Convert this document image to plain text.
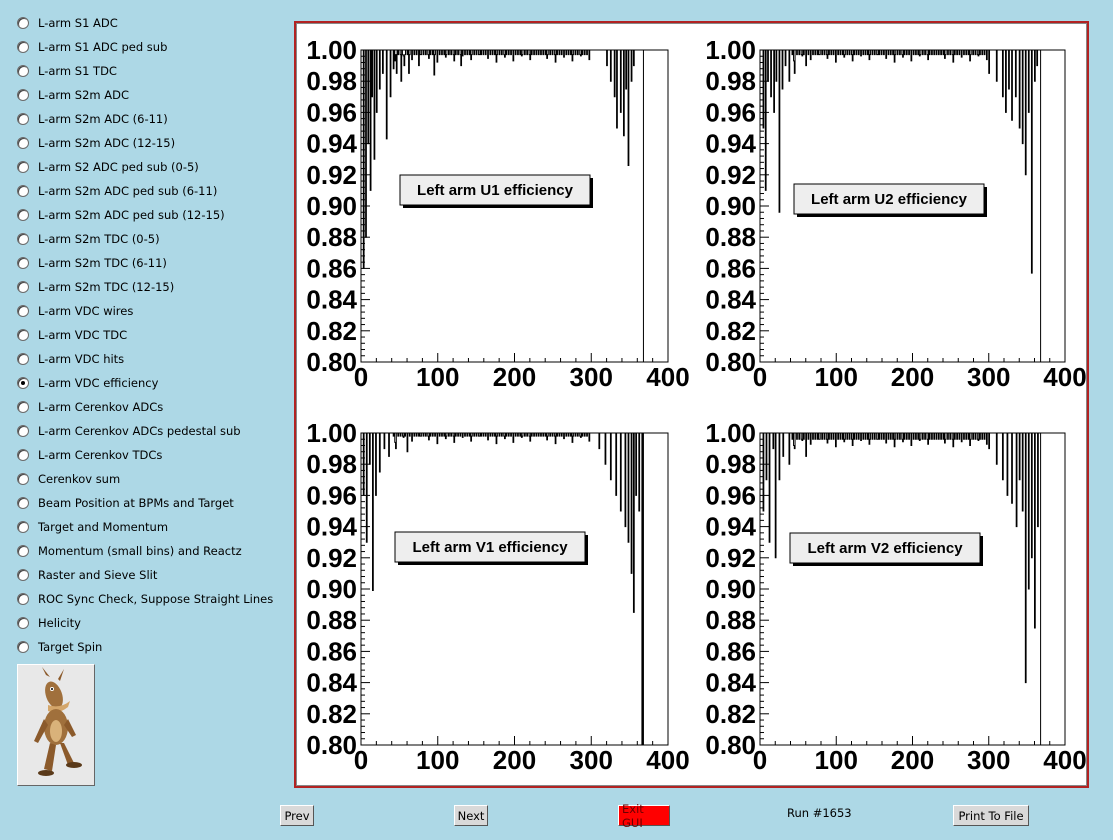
L-arm S1 ADC
L-arm S1 ADC ped sub
L-arm S1 TDC
L-arm S2m ADC
L-arm S2m ADC (6-11)
L-arm S2m ADC (12-15)
L-arm S2 ADC ped sub (0-5)
L-arm S2m ADC ped sub (6-11)
L-arm S2m ADC ped sub (12-15)
L-arm S2m TDC (0-5)
L-arm S2m TDC (6-11)
L-arm S2m TDC (12-15)
L-arm VDC wires
L-arm VDC TDC
L-arm VDC hits
L-arm VDC efficiency
L-arm Cerenkov ADCs
L-arm Cerenkov ADCs pedestal sub
L-arm Cerenkov TDCs
Cerenkov sum
Beam Position at BPMs and Target
Target and Momentum
Momentum (small bins) and Reactz
Raster and Sieve Slit
ROC Sync Check, Suppose Straight Lines
Helicity
Target Spin
0.80
0.82
0.84
0.86
0.88
0.90
0.92
0.94
0.96
0.98
1.00
0 100 200 300 400
Left arm U1 efficiency
0.80
0.82
0.84
0.86
0.88
0.90
0.92
0.94
0.96
0.98
1.00
0 100 200 300 400
Left arm U2 efficiency
0.80
0.82
0.84
0.86
0.88
0.90
0.92
0.94
0.96
0.98
1.00
0 100 200 300 400
Left arm V1 efficiency
0.80
0.82
0.84
0.86
0.88
0.90
0.92
0.94
0.96
0.98
1.00
0 100 200 300 400
Left arm V2 efficiency
Prev	Next	Exit GUI
Run #1653	Print To File
